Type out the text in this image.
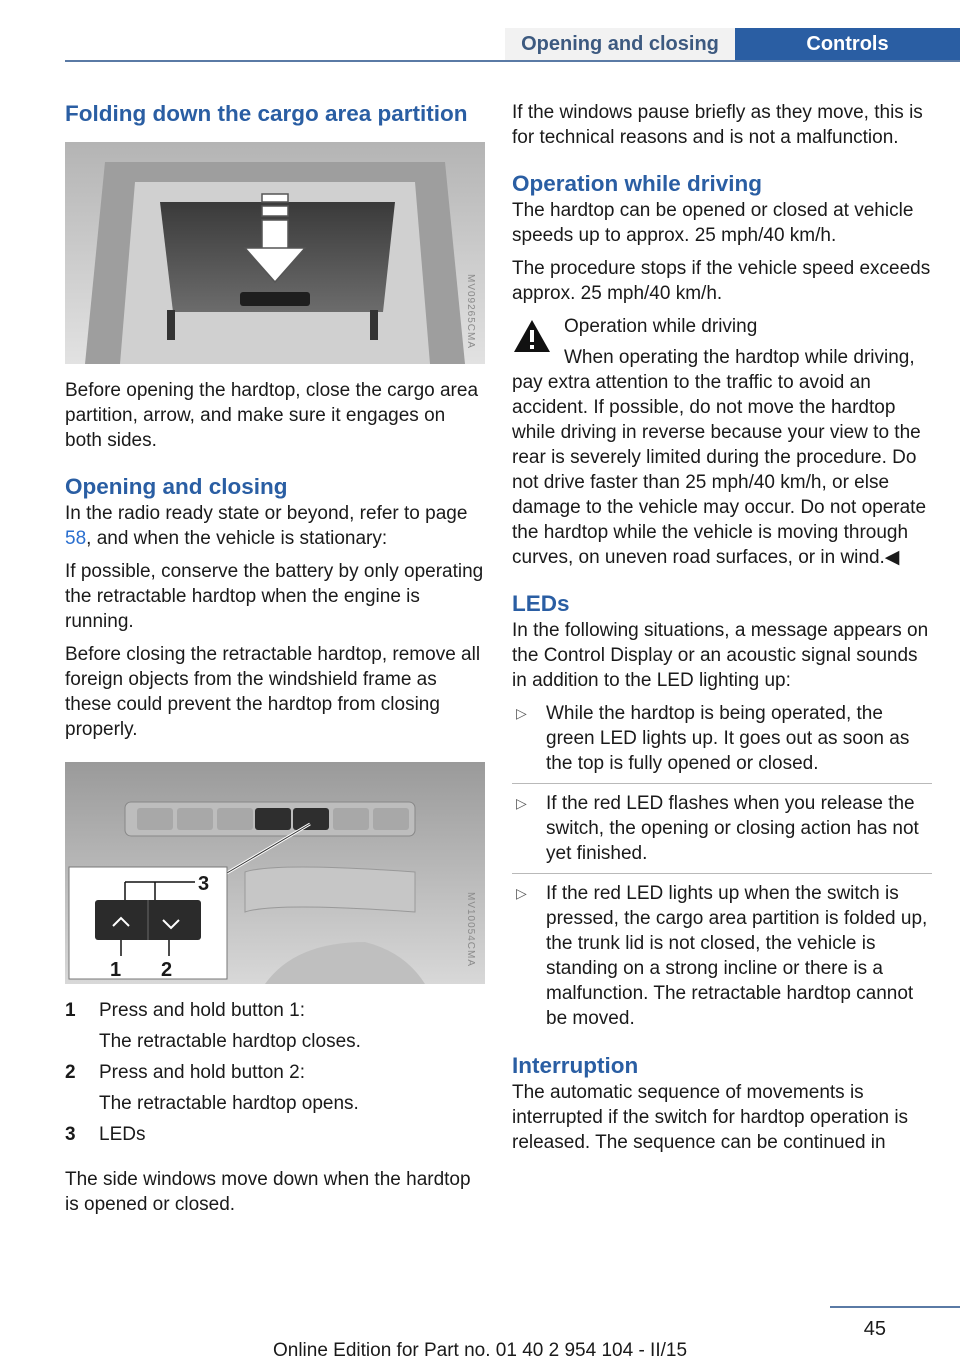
Opening and closing	Controls
Folding down the cargo area partition
MV09265CMA

Before opening the hardtop, close the cargo area partition, arrow, and make sure it engages on both sides.

Opening and closing

In the radio ready state or beyond, refer to page 58, and when the vehicle is stationary:

If possible, conserve the battery by only operating the retractable hardtop when the engine is running.

Before closing the retractable hardtop, remove all foreign objects from the windshield frame as these could prevent the hardtop from closing properly.

1 2
3
MV10054CMA
1	Press and hold button 1:
The retractable hardtop closes.
2	Press and hold button 2:
The retractable hardtop opens.
3	LEDs

The side windows move down when the hardtop is opened or closed.

If the windows pause briefly as they move, this is for technical reasons and is not a malfunction.

Operation while driving

The hardtop can be opened or closed at vehicle speeds up to approx. 25 mph/40 km/h.

The procedure stops if the vehicle speed exceeds approx. 25 mph/40 km/h.

Operation while driving

When operating the hardtop while driving, pay extra attention to the traffic to avoid an accident. If possible, do not move the hardtop while driving in reverse because your view to the rear is severely limited during the procedure. Do not drive faster than 25 mph/40 km/h, or else damage to the vehicle may occur. Do not operate the hardtop while the vehicle is moving through curves, on uneven road surfaces, or in wind.◀

LEDs

In the following situations, a message appears on the Control Display or an acoustic signal sounds in addition to the LED lighting up:

▷	While the hardtop is being operated, the green LED lights up. It goes out as soon as the top is fully opened or closed.
▷	If the red LED flashes when you release the switch, the opening or closing action has not yet finished.
▷	If the red LED lights up when the switch is pressed, the cargo area partition is folded up, the trunk lid is not closed, the vehicle is standing on a strong incline or there is a malfunction. The retractable hardtop cannot be moved.
Interruption

The automatic sequence of movements is interrupted if the switch for hardtop operation is released. The sequence can be continued in

45
Online Edition for Part no. 01 40 2 954 104 - II/15
